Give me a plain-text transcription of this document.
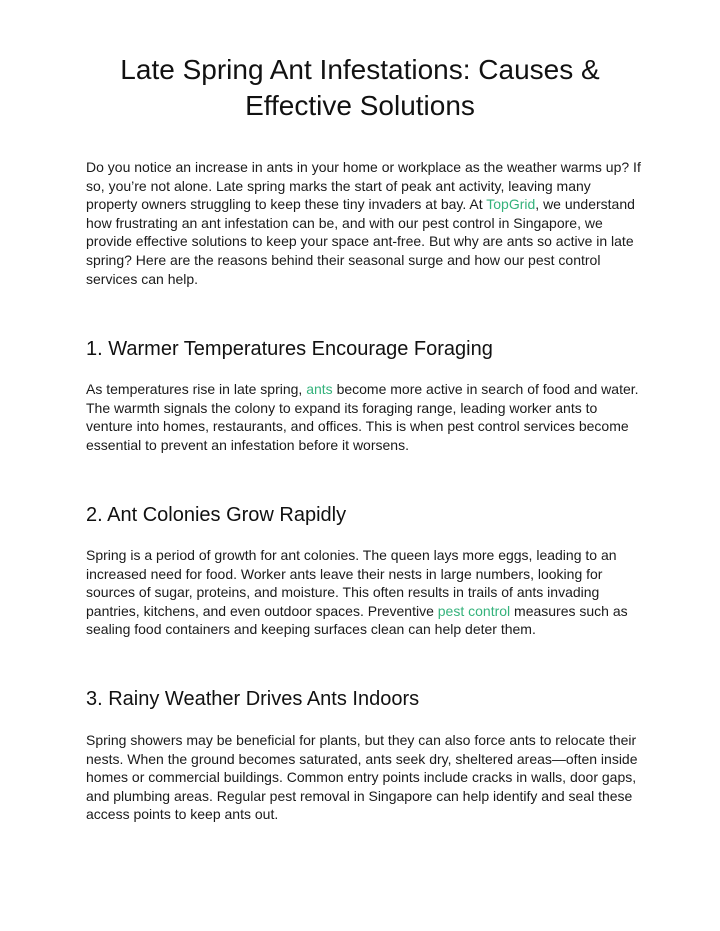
Late Spring Ant Infestations: Causes &
Effective Solutions

Do you notice an increase in ants in your home or workplace as the weather warms up? If so, you’re not alone. Late spring marks the start of peak ant activity, leaving many property owners struggling to keep these tiny invaders at bay. At TopGrid, we understand how frustrating an ant infestation can be, and with our pest control in Singapore, we provide effective solutions to keep your space ant-free. But why are ants so active in late spring? Here are the reasons behind their seasonal surge and how our pest control services can help.

1. Warmer Temperatures Encourage Foraging

As temperatures rise in late spring, ants become more active in search of food and water. The warmth signals the colony to expand its foraging range, leading worker ants to venture into homes, restaurants, and offices. This is when pest control services become essential to prevent an infestation before it worsens.

2. Ant Colonies Grow Rapidly

Spring is a period of growth for ant colonies. The queen lays more eggs, leading to an increased need for food. Worker ants leave their nests in large numbers, looking for sources of sugar, proteins, and moisture. This often results in trails of ants invading pantries, kitchens, and even outdoor spaces. Preventive pest control measures such as sealing food containers and keeping surfaces clean can help deter them.

3. Rainy Weather Drives Ants Indoors

Spring showers may be beneficial for plants, but they can also force ants to relocate their nests. When the ground becomes saturated, ants seek dry, sheltered areas—often inside homes or commercial buildings. Common entry points include cracks in walls, door gaps, and plumbing areas. Regular pest removal in Singapore can help identify and seal these access points to keep ants out.
